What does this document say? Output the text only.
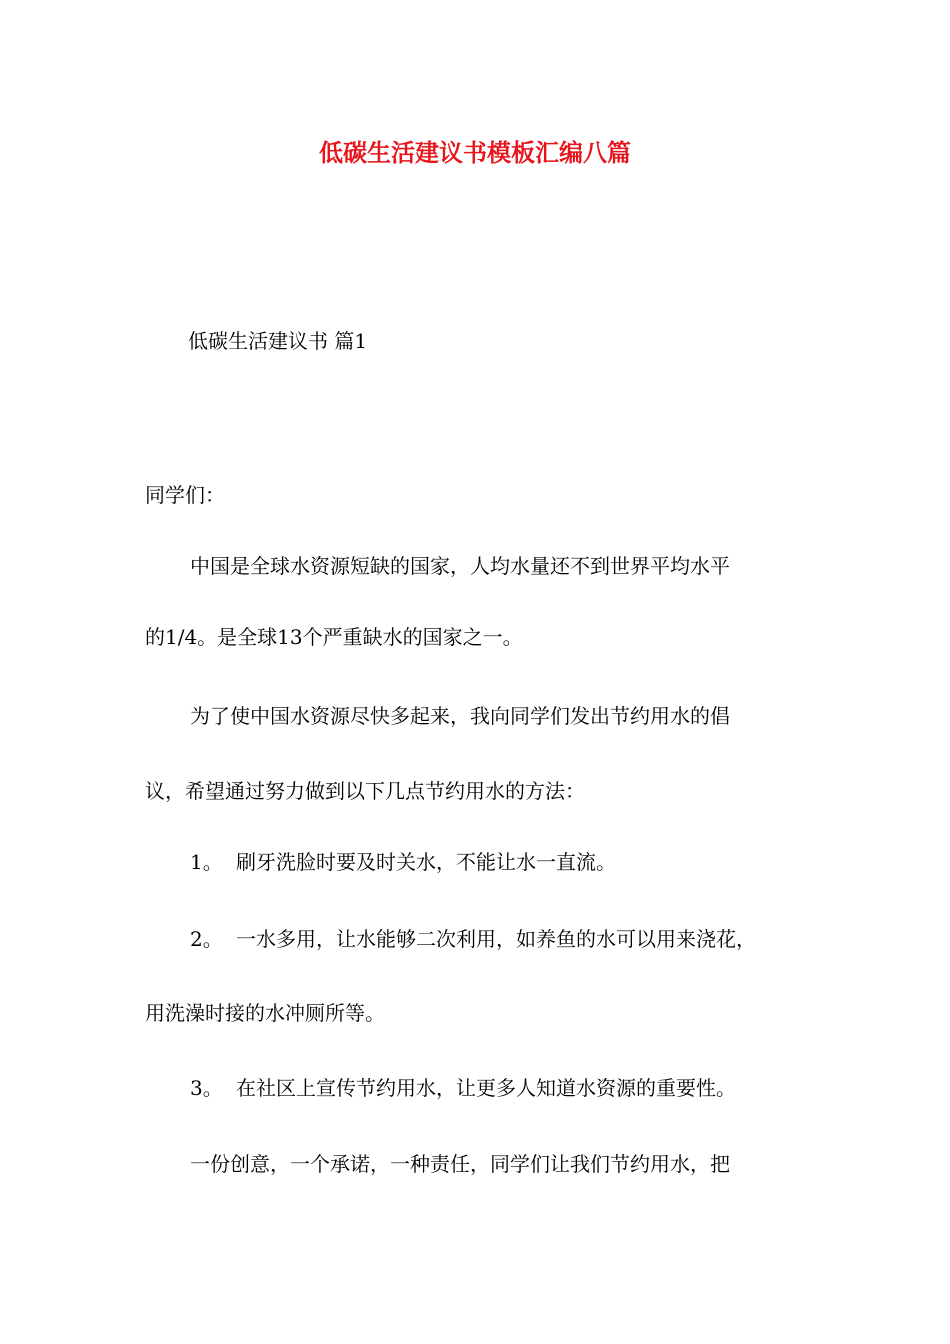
低碳生活建议书模板汇编八篇

低碳生活建议书 篇1

同学们：

中国是全球水资源短缺的国家，人均水量还不到世界平均水平

的1/4。是全球13个严重缺水的国家之一。

为了使中国水资源尽快多起来，我向同学们发出节约用水的倡

议，希望通过努力做到以下几点节约用水的方法：

1。 刷牙洗脸时要及时关水，不能让水一直流。

2。 一水多用，让水能够二次利用，如养鱼的水可以用来浇花，

用洗澡时接的水冲厕所等。

3。 在社区上宣传节约用水，让更多人知道水资源的重要性。

一份创意，一个承诺，一种责任，同学们让我们节约用水，把
